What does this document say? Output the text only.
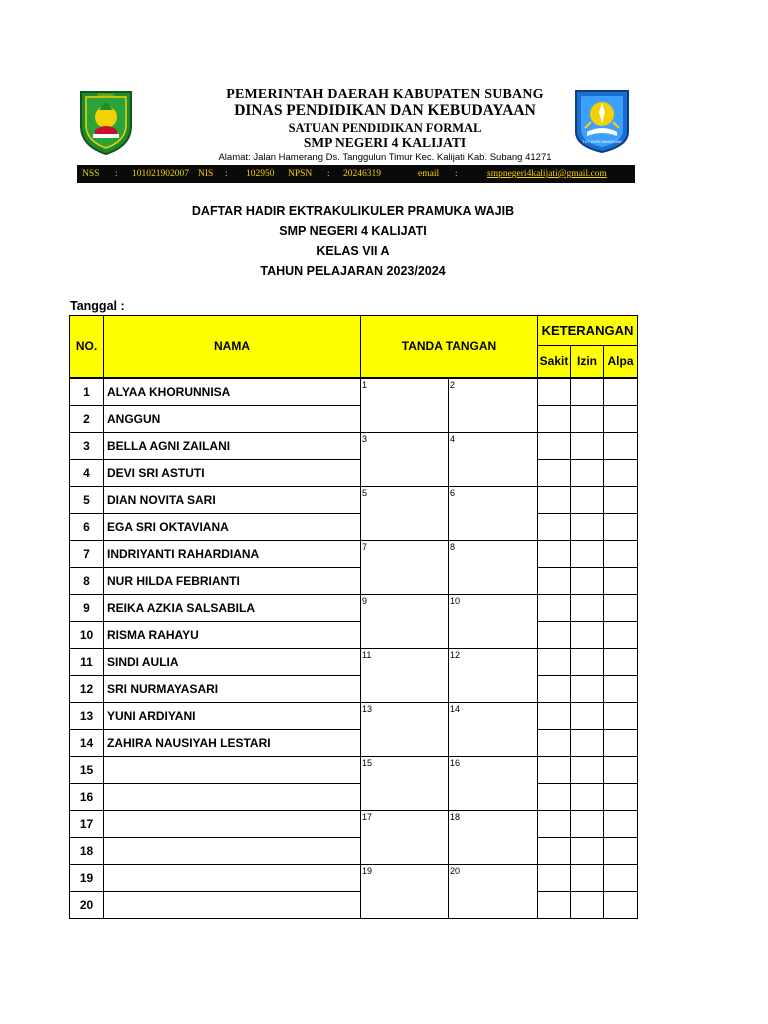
SUBANG	PEMERINTAH DAERAH KABUPATEN SUBANG
DINAS PENDIDIKAN DAN KEBUDAYAAN
SATUAN PENDIDIKAN FORMAL
SMP NEGERI 4 KALIJATI
Alamat: Jalan Hamerang Ds. Tanggulun Timur Kec. Kalijati Kab. Subang 41271
TUT WURI HANDAYANI
NSS : 101021902007 NIS : 102950 NPSN : 20246319	email :	smpnegeri4kalijati@gmail.com
DAFTAR HADIR EKTRAKULIKULER PRAMUKA WAJIB
SMP NEGERI 4 KALIJATI
KELAS VII A
TAHUN PELAJARAN 2023/2024
Tanggal :
NO.	NAMA	TANDA TANGAN		KETERANGAN		
				Sakit	Izin	Alpa
1	ALYAA KHORUNNISA	1	2			

2	ANGGUN					
3	BELLA AGNI ZAILANI	3	4			

4	DEVI SRI ASTUTI					
5	DIAN NOVITA SARI	5	6			

6	EGA SRI OKTAVIANA					
7	INDRIYANTI RAHARDIANA	7	8			

8	NUR HILDA FEBRIANTI					
9	REIKA AZKIA SALSABILA	9	10			

10	RISMA RAHAYU					
11	SINDI AULIA	11	12			

12	SRI NURMAYASARI					
13	YUNI ARDIYANI	13	14			

14	ZAHIRA NAUSIYAH LESTARI					
15		15	16			

16						
17		17	18			

18						
19		19	20			

20						
